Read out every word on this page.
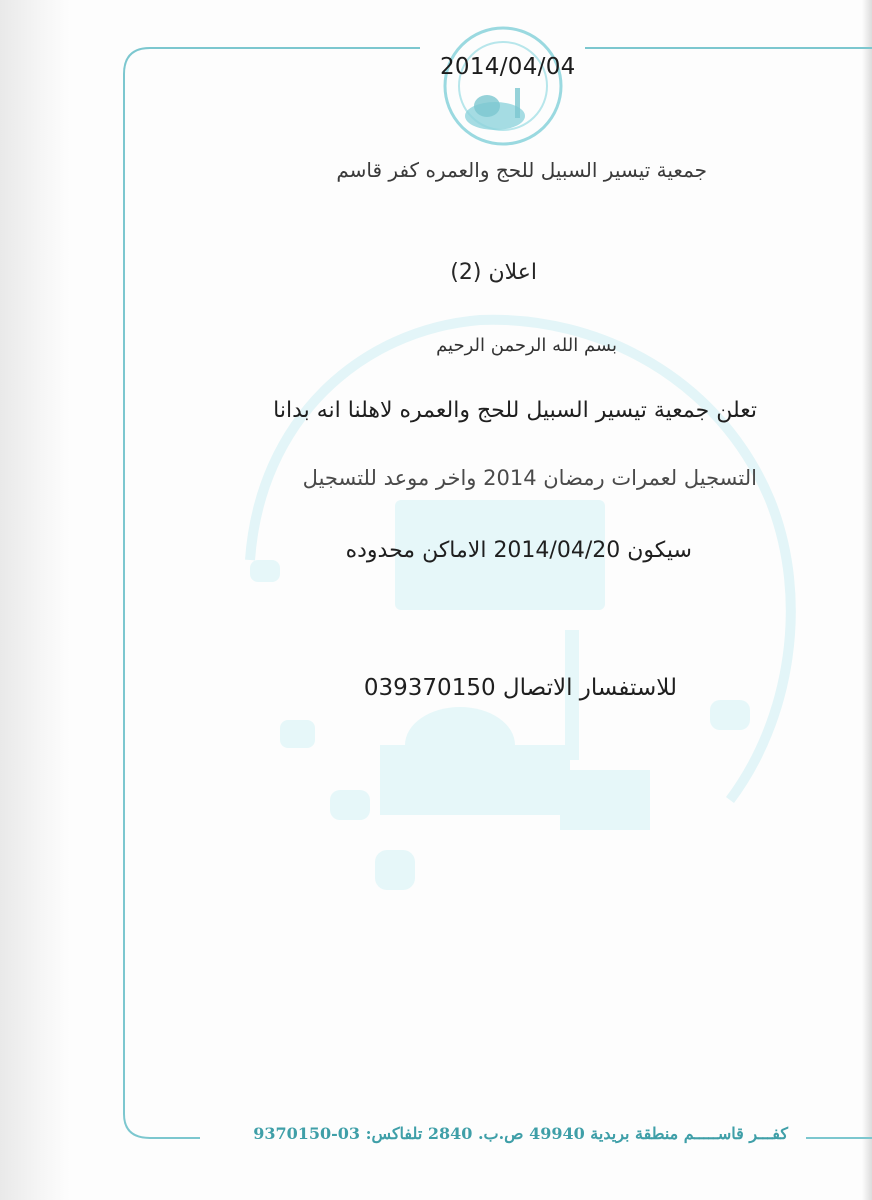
2014/04/04
جمعية تيسير السبيل للحج والعمره كفر قاسم
اعلان (2)
بسم الله الرحمن الرحيم
تعلن جمعية تيسير السبيل للحج والعمره لاهلنا انه بدانا
التسجيل لعمرات رمضان 2014 واخر موعد للتسجيل
سيكون 2014/04/20 الاماكن محدوده
للاستفسار الاتصال 039370150
كفـــر قاســـــم منطقة بريدية 49940 ص.ب. 2840 تلفاكس: 03-9370150
